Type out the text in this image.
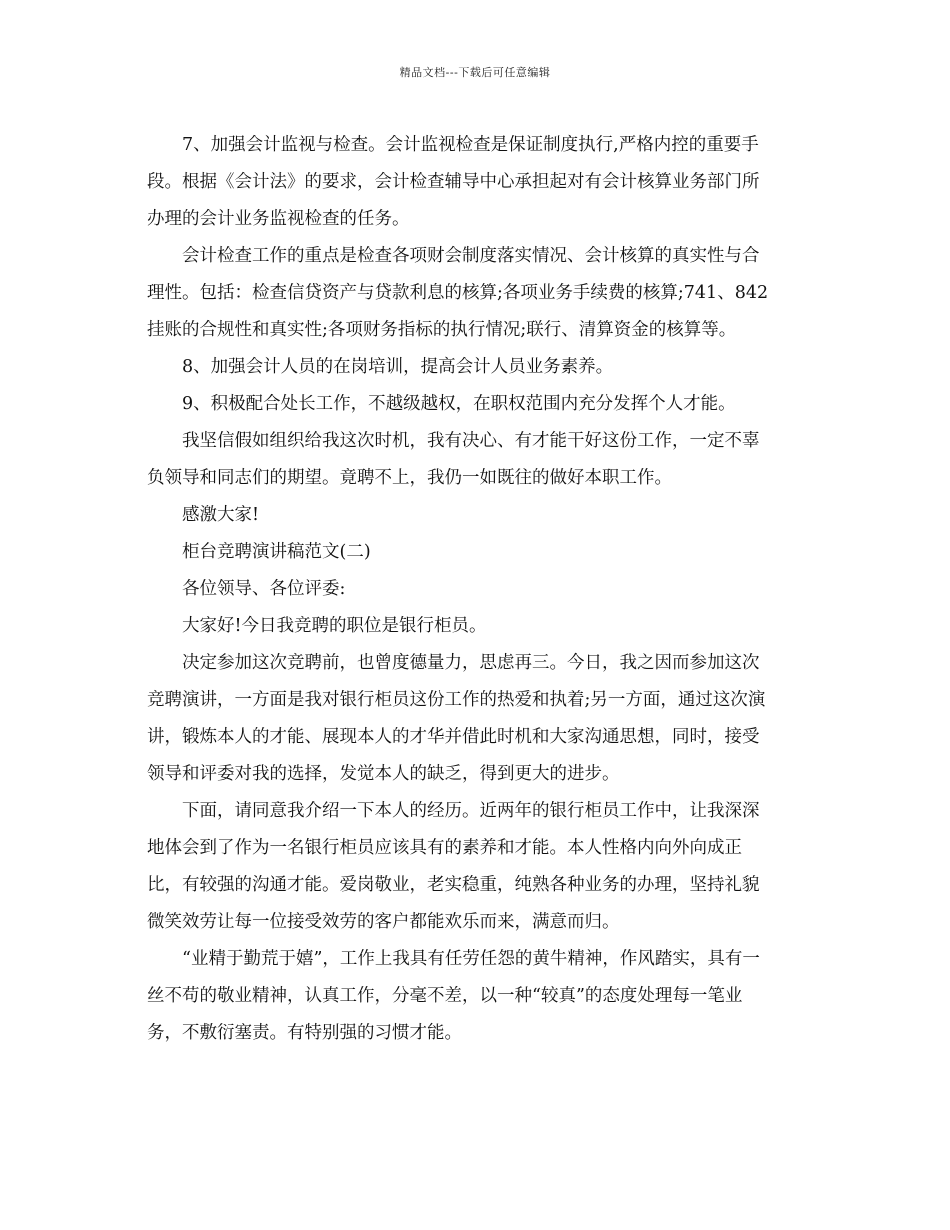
精品文档---下载后可任意编辑
7、加强会计监视与检查。会计监视检查是保证制度执行,严格内控的重要手
段。根据《会计法》的要求，会计检查辅导中心承担起对有会计核算业务部门所
办理的会计业务监视检查的任务。
会计检查工作的重点是检查各项财会制度落实情况、会计核算的真实性与合
理性。包括：检查信贷资产与贷款利息的核算;各项业务手续费的核算;741、842
挂账的合规性和真实性;各项财务指标的执行情况;联行、清算资金的核算等。
8、加强会计人员的在岗培训，提高会计人员业务素养。
9、积极配合处长工作，不越级越权，在职权范围内充分发挥个人才能。
我坚信假如组织给我这次时机，我有决心、有才能干好这份工作，一定不辜
负领导和同志们的期望。竟聘不上，我仍一如既往的做好本职工作。
感激大家!
柜台竞聘演讲稿范文(二)
各位领导、各位评委:
大家好!今日我竞聘的职位是银行柜员。
决定参加这次竞聘前，也曾度德量力，思虑再三。今日，我之因而参加这次
竞聘演讲，一方面是我对银行柜员这份工作的热爱和执着;另一方面，通过这次演
讲，锻炼本人的才能、展现本人的才华并借此时机和大家沟通思想，同时，接受
领导和评委对我的选择，发觉本人的缺乏，得到更大的进步。
下面，请同意我介绍一下本人的经历。近两年的银行柜员工作中，让我深深
地体会到了作为一名银行柜员应该具有的素养和才能。本人性格内向外向成正
比，有较强的沟通才能。爱岗敬业，老实稳重，纯熟各种业务的办理，坚持礼貌
微笑效劳让每一位接受效劳的客户都能欢乐而来，满意而归。
“业精于勤荒于嬉”，工作上我具有任劳任怨的黄牛精神，作风踏实，具有一
丝不苟的敬业精神，认真工作，分毫不差，以一种“较真”的态度处理每一笔业
务，不敷衍塞责。有特别强的习惯才能。
